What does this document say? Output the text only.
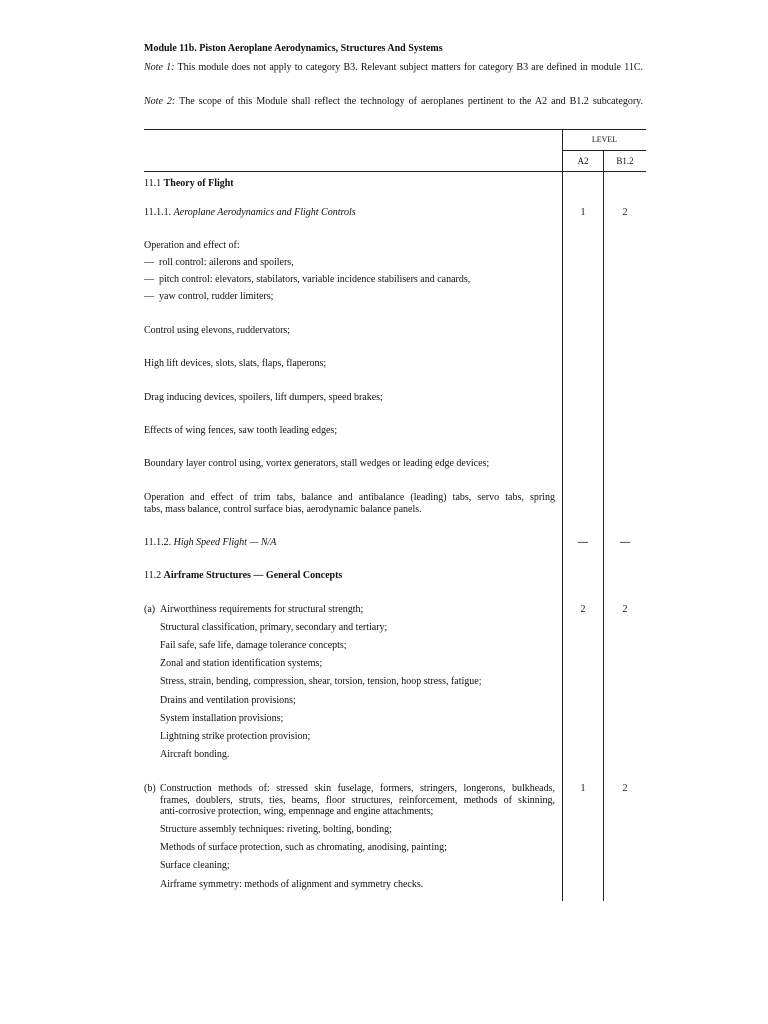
Module 11b. Piston Aeroplane Aerodynamics, Structures And Systems
Note 1: This module does not apply to category B3. Relevant subject matters for category B3 are defined in module 11C.
Note 2: The scope of this Module shall reflect the technology of aeroplanes pertinent to the A2 and B1.2 subcategory.
LEVEL
A2	B1.2
11.1 Theory of Flight
11.1.1. Aeroplane Aerodynamics and Flight Controls	1	2
Operation and effect of:
— roll control: ailerons and spoilers,
— pitch control: elevators, stabilators, variable incidence stabilisers and canards,
— yaw control, rudder limiters;
Control using elevons, ruddervators;
High lift devices, slots, slats, flaps, flaperons;
Drag inducing devices, spoilers, lift dumpers, speed brakes;
Effects of wing fences, saw tooth leading edges;
Boundary layer control using, vortex generators, stall wedges or leading edge devices;
Operation and effect of trim tabs, balance and antibalance (leading) tabs, servo tabs, spring
tabs, mass balance, control surface bias, aerodynamic balance panels.
11.1.2. High Speed Flight — N/A	—	—
11.2 Airframe Structures — General Concepts
(a) Airworthiness requirements for structural strength;
Structural classification, primary, secondary and tertiary;
Fail safe, safe life, damage tolerance concepts;
Zonal and station identification systems;
Stress, strain, bending, compression, shear, torsion, tension, hoop stress, fatigue;
Drains and ventilation provisions;
System installation provisions;
Lightning strike protection provision;
Aircraft bonding.
2	2
(b) Construction methods of: stressed skin fuselage, formers, stringers, longerons, bulkheads,
frames, doublers, struts, ties, beams, floor structures, reinforcement, methods of skinning,
anti-corrosive protection, wing, empennage and engine attachments;
Structure assembly techniques: riveting, bolting, bonding;
Methods of surface protection, such as chromating, anodising, painting;
Surface cleaning;
Airframe symmetry: methods of alignment and symmetry checks.
1	2
